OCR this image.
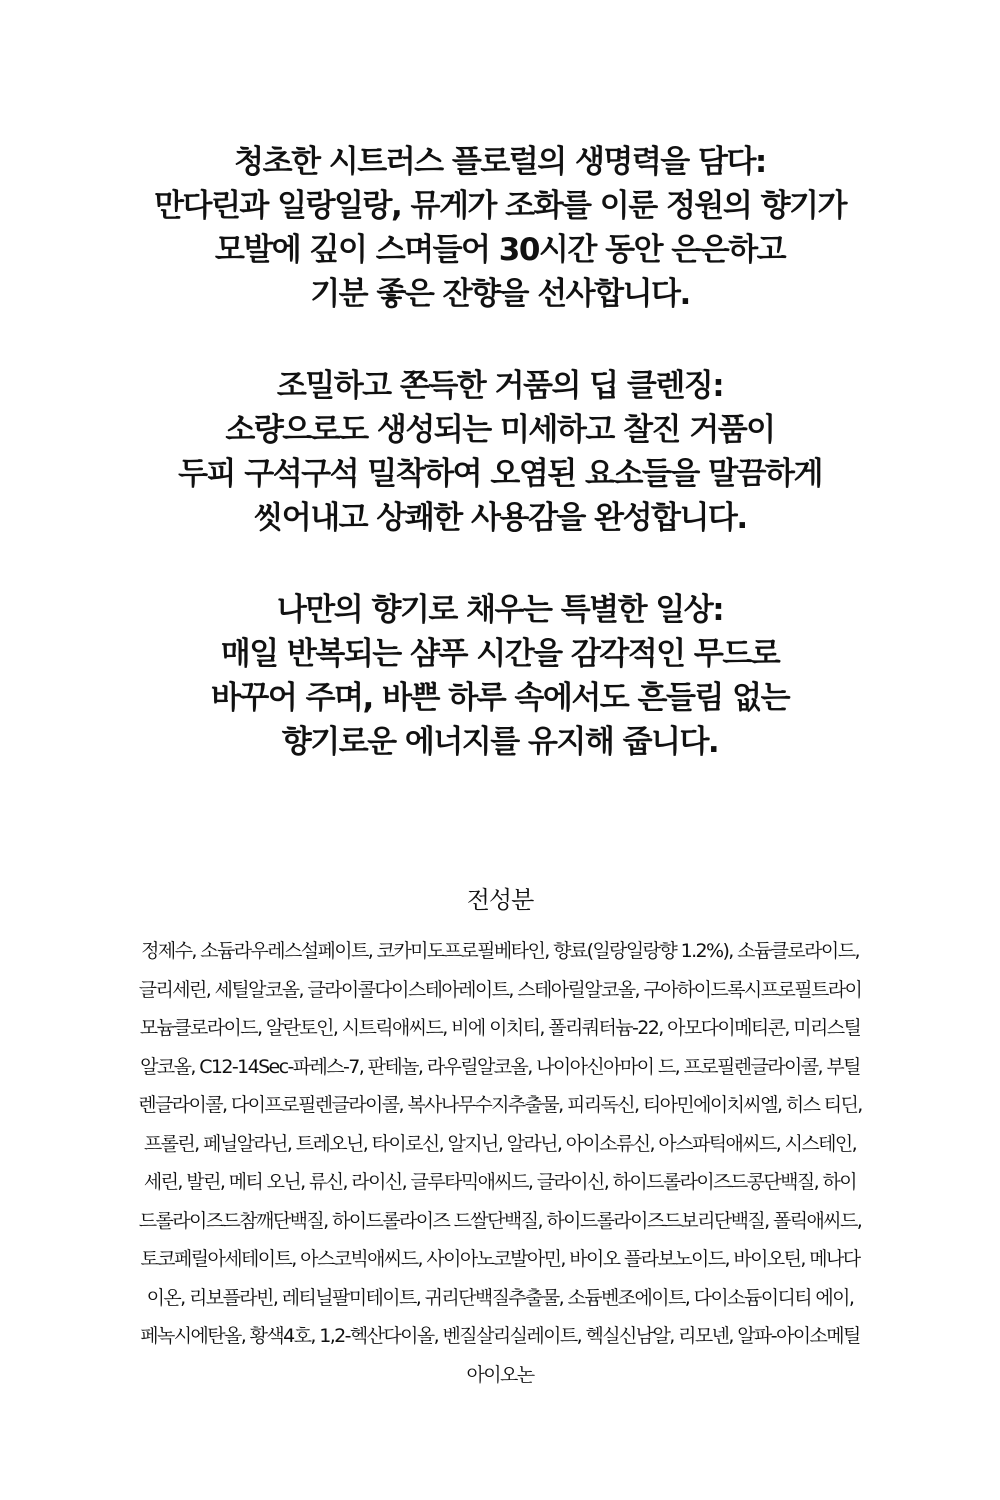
청초한 시트러스 플로럴의 생명력을 담다:
만다린과 일랑일랑, 뮤게가 조화를 이룬 정원의 향기가
모발에 깊이 스며들어 30시간 동안 은은하고
기분 좋은 잔향을 선사합니다.
조밀하고 쫀득한 거품의 딥 클렌징:
소량으로도 생성되는 미세하고 찰진 거품이
두피 구석구석 밀착하여 오염된 요소들을 말끔하게
씻어내고 상쾌한 사용감을 완성합니다.
나만의 향기로 채우는 특별한 일상:
매일 반복되는 샴푸 시간을 감각적인 무드로
바꾸어 주며, 바쁜 하루 속에서도 흔들림 없는
향기로운 에너지를 유지해 줍니다.
전성분
정제수, 소듐라우레스설페이트, 코카미도프로필베타인, 향료(일랑일랑향 1.2%), 소듐클로라이드,
글리세린, 세틸알코올, 글라이콜다이스테아레이트, 스테아릴알코올, 구아하이드록시프로필트라이
모늄클로라이드, 알란토인, 시트릭애씨드, 비에 이치티, 폴리쿼터늄-22, 아모다이메티콘, 미리스틸
알코올, C12-14Sec-파레스-7, 판테놀, 라우릴알코올, 나이아신아마이 드, 프로필렌글라이콜, 부틸
렌글라이콜, 다이프로필렌글라이콜, 복사나무수지추출물, 피리독신, 티아민에이치씨엘, 히스 티딘,
프롤린, 페닐알라닌, 트레오닌, 타이로신, 알지닌, 알라닌, 아이소류신, 아스파틱애씨드, 시스테인,
세린, 발린, 메티 오닌, 류신, 라이신, 글루타믹애씨드, 글라이신, 하이드롤라이즈드콩단백질, 하이
드롤라이즈드참깨단백질, 하이드롤라이즈 드쌀단백질, 하이드롤라이즈드보리단백질, 폴릭애씨드,
토코페릴아세테이트, 아스코빅애씨드, 사이아노코발아민, 바이오 플라보노이드, 바이오틴, 메나다
이온, 리보플라빈, 레티닐팔미테이트, 귀리단백질추출물, 소듐벤조에이트, 다이소듐이디티 에이,
페녹시에탄올, 황색4호, 1,2-헥산다이올, 벤질살리실레이트, 헥실신남알, 리모넨, 알파-아이소메틸
아이오논
